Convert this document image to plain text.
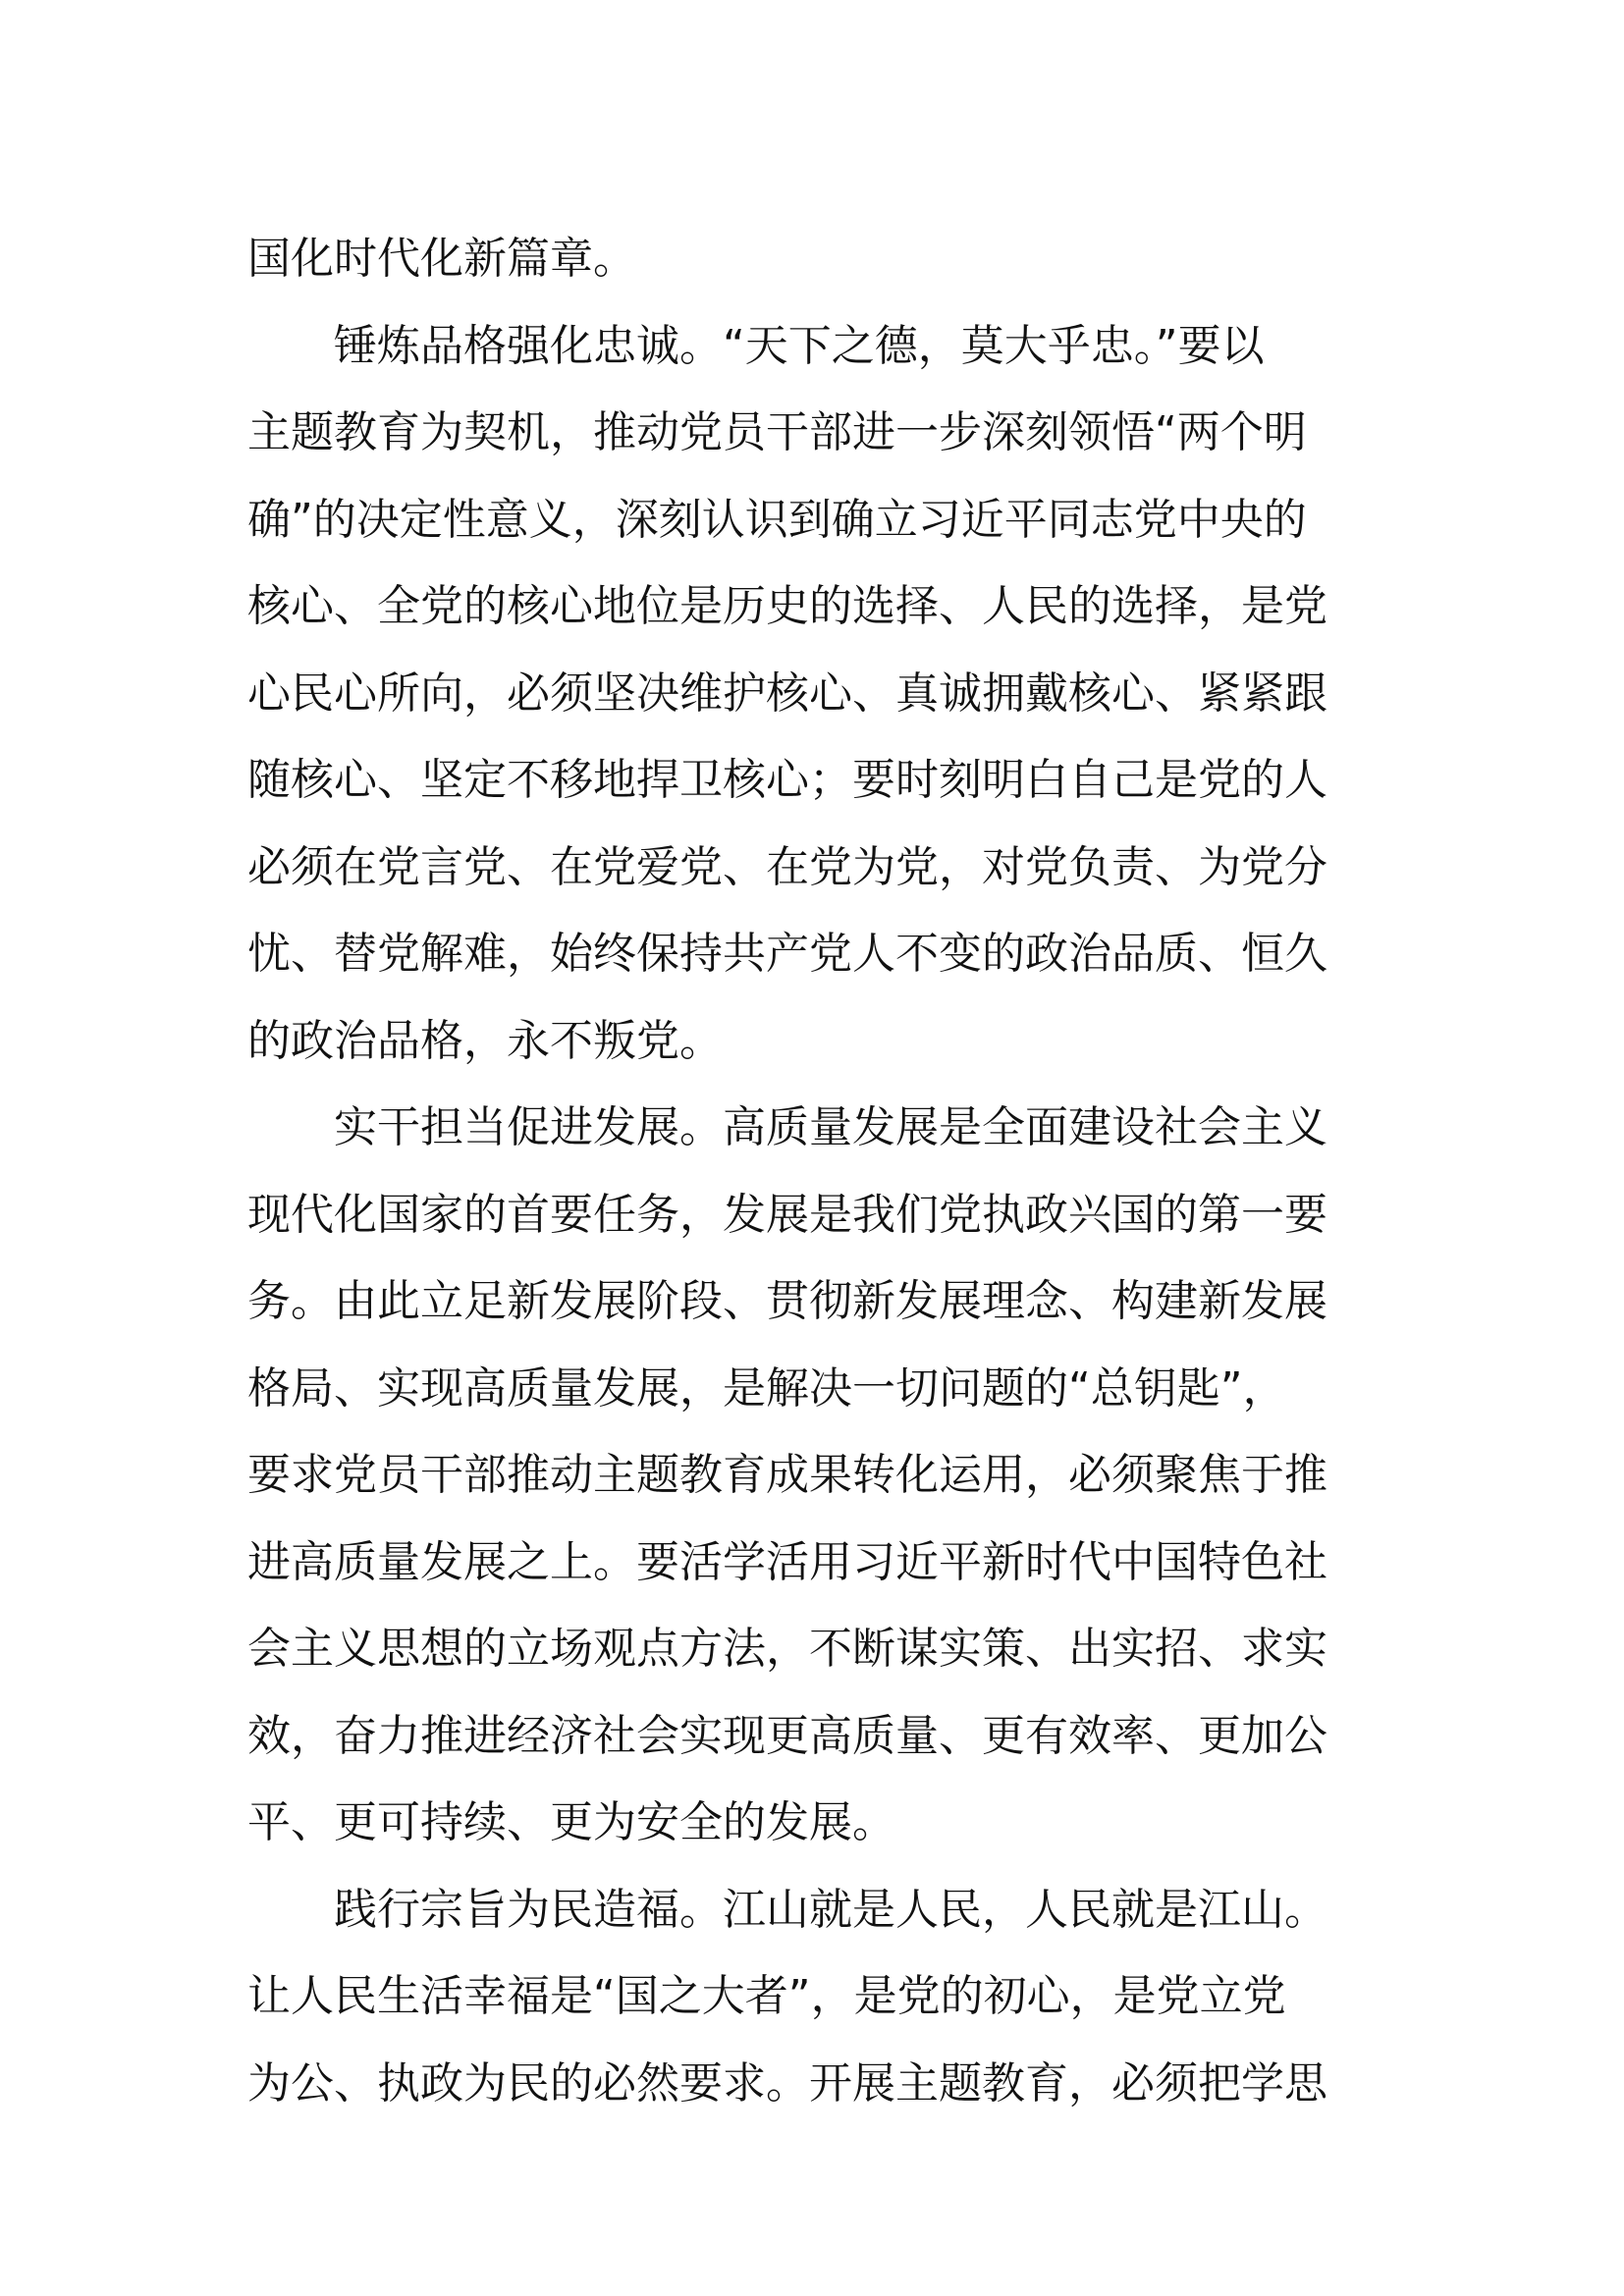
国化时代化新篇章。
锤炼品格强化忠诚。“天下之德，莫大乎忠。”要以
主题教育为契机，推动党员干部进一步深刻领悟“两个明
确”的决定性意义，深刻认识到确立习近平同志党中央的
核心、全党的核心地位是历史的选择、人民的选择，是党
心民心所向，必须坚决维护核心、真诚拥戴核心、紧紧跟
随核心、坚定不移地捍卫核心；要时刻明白自己是党的人
必须在党言党、在党爱党、在党为党，对党负责、为党分
忧、替党解难，始终保持共产党人不变的政治品质、恒久
的政治品格，永不叛党。
实干担当促进发展。高质量发展是全面建设社会主义
现代化国家的首要任务，发展是我们党执政兴国的第一要
务。由此立足新发展阶段、贯彻新发展理念、构建新发展
格局、实现高质量发展，是解决一切问题的“总钥匙”，
要求党员干部推动主题教育成果转化运用，必须聚焦于推
进高质量发展之上。要活学活用习近平新时代中国特色社
会主义思想的立场观点方法，不断谋实策、出实招、求实
效，奋力推进经济社会实现更高质量、更有效率、更加公
平、更可持续、更为安全的发展。
践行宗旨为民造福。江山就是人民，人民就是江山。
让人民生活幸福是“国之大者”，是党的初心，是党立党
为公、执政为民的必然要求。开展主题教育，必须把学思
